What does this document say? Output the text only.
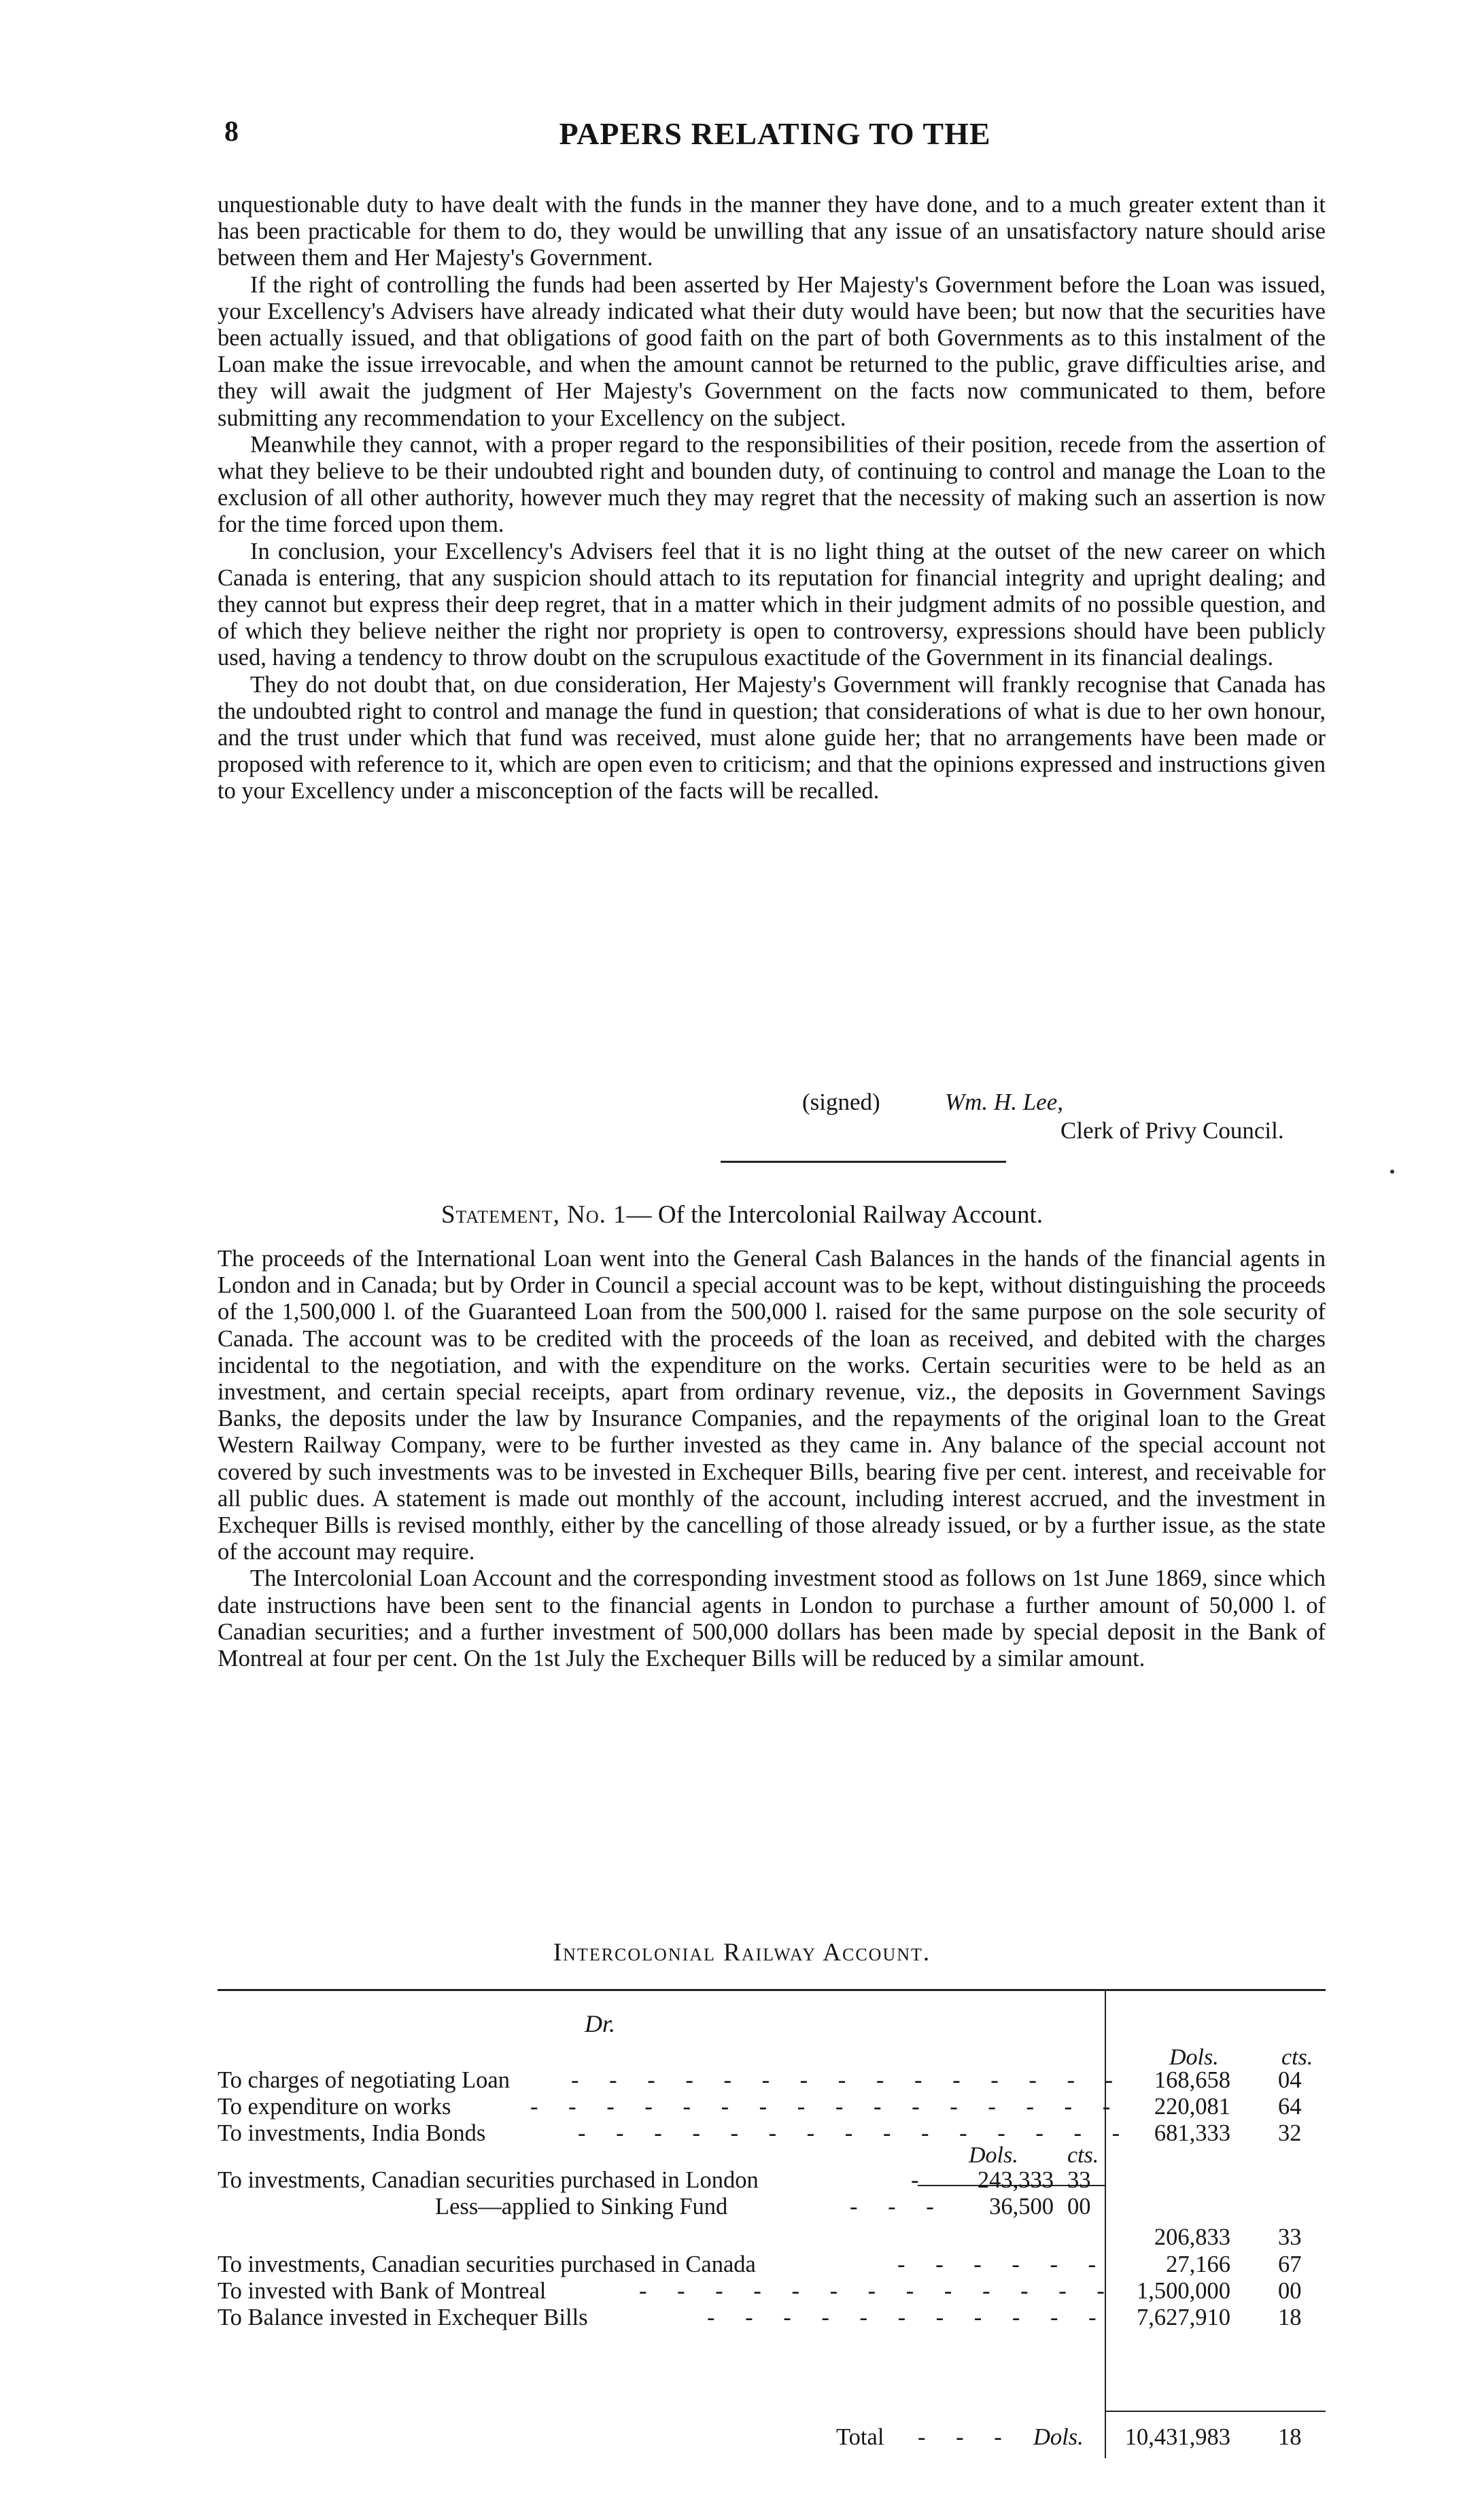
8	PAPERS RELATING TO THE

unquestionable duty to have dealt with the funds in the manner they have done, and to a much greater extent than it has been practicable for them to do, they would be unwilling that any issue of an unsatisfactory nature should arise between them and Her Majesty's Government.

If the right of controlling the funds had been asserted by Her Majesty's Government before the Loan was issued, your Excellency's Advisers have already indicated what their duty would have been; but now that the securities have been actually issued, and that obligations of good faith on the part of both Governments as to this instalment of the Loan make the issue irrevocable, and when the amount cannot be returned to the public, grave difficulties arise, and they will await the judgment of Her Majesty's Government on the facts now communicated to them, before submitting any recommendation to your Excellency on the subject.

Meanwhile they cannot, with a proper regard to the responsibilities of their position, recede from the assertion of what they believe to be their undoubted right and bounden duty, of continuing to control and manage the Loan to the exclusion of all other authority, however much they may regret that the necessity of making such an assertion is now for the time forced upon them.

In conclusion, your Excellency's Advisers feel that it is no light thing at the outset of the new career on which Canada is entering, that any suspicion should attach to its reputation for financial integrity and upright dealing; and they cannot but express their deep regret, that in a matter which in their judgment admits of no possible question, and of which they believe neither the right nor propriety is open to controversy, expressions should have been publicly used, having a tendency to throw doubt on the scrupulous exactitude of the Government in its financial dealings.

They do not doubt that, on due consideration, Her Majesty's Government will frankly recognise that Canada has the undoubted right to control and manage the fund in question; that considerations of what is due to her own honour, and the trust under which that fund was received, must alone guide her; that no arrangements have been made or proposed with reference to it, which are open even to criticism; and that the opinions expressed and instructions given to your Excellency under a misconception of the facts will be recalled.

(signed)	Wm. H. Lee,
Clerk of Privy Council.
Statement, No. 1— Of the Intercolonial Railway Account.

The proceeds of the International Loan went into the General Cash Balances in the hands of the financial agents in London and in Canada; but by Order in Council a special account was to be kept, without distinguishing the proceeds of the 1,500,000 l. of the Guaranteed Loan from the 500,000 l. raised for the same purpose on the sole security of Canada. The account was to be credited with the proceeds of the loan as received, and debited with the charges incidental to the negotiation, and with the expenditure on the works. Certain securities were to be held as an investment, and certain special receipts, apart from ordinary revenue, viz., the deposits in Government Savings Banks, the deposits under the law by Insurance Companies, and the repayments of the original loan to the Great Western Railway Company, were to be further invested as they came in. Any balance of the special account not covered by such investments was to be invested in Exchequer Bills, bearing five per cent. interest, and receivable for all public dues. A statement is made out monthly of the account, including interest accrued, and the investment in Exchequer Bills is revised monthly, either by the cancelling of those already issued, or by a further issue, as the state of the account may require.

The Intercolonial Loan Account and the corresponding investment stood as follows on 1st June 1869, since which date instructions have been sent to the financial agents in London to purchase a further amount of 50,000 l. of Canadian securities; and a further investment of 500,000 dollars has been made by special deposit in the Bank of Montreal at four per cent. On the 1st July the Exchequer Bills will be reduced by a similar amount.

Intercolonial Railway Account.
Dr.
Dols.	cts.
To charges of negotiating Loan	- - - - - - - - - - - - - - -	168,658 04
To expenditure on works	- - - - - - - - - - - - - - - -	220,081 64
To investments, India Bonds	- - - - - - - - - - - - - - - 681,333 32
Dols. cts.
To investments, Canadian securities purchased in London	-	243,333 33
Less—applied to Sinking Fund	- - -	36,500 00
206,833 33
To investments, Canadian securities purchased in Canada	- - - - - -	27,166 67
To invested with Bank of Montreal	- - - - - - - - - - - - - 1,500,000 00
To Balance invested in Exchequer Bills	- - - - - - - - - - -	7,627,910 18
Total - - - Dols. 10,431,983 18
